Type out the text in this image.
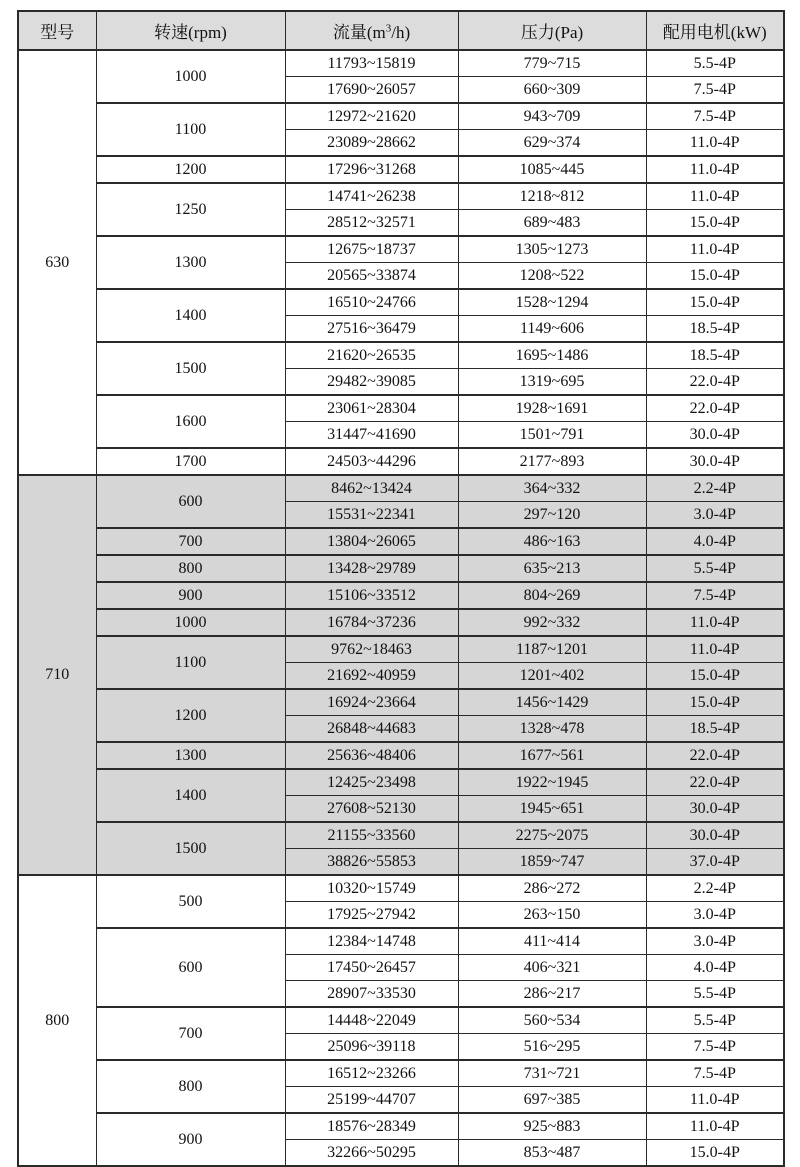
型号	转速(rpm)	流量$(m^3/h)$	压力(Pa)	配用电机(kW)
630	1000	11793~15819	779~715	5.5-4P
		17690~26057	660~309	7.5-4P
	1100	12972~21620	943~709	7.5-4P
		23089~28662	629~374	11.0-4P
	1200	17296~31268	1085~445	11.0-4P
	1250	14741~26238	1218~812	11.0-4P
		28512~32571	689~483	15.0-4P
	1300	12675~18737	1305~1273	11.0-4P
		20565~33874	1208~522	15.0-4P
	1400	16510~24766	1528~1294	15.0-4P
		27516~36479	1149~606	18.5-4P
	1500	21620~26535	1695~1486	18.5-4P
		29482~39085	1319~695	22.0-4P
	1600	23061~28304	1928~1691	22.0-4P
		31447~41690	1501~791	30.0-4P
	1700	24503~44296	2177~893	30.0-4P
710	600	8462~13424	364~332	2.2-4P
		15531~22341	297~120	3.0-4P
	700	13804~26065	486~163	4.0-4P
	800	13428~29789	635~213	5.5-4P
	900	15106~33512	804~269	7.5-4P
	1000	16784~37236	992~332	11.0-4P
	1100	9762~18463	1187~1201	11.0-4P
		21692~40959	1201~402	15.0-4P
	1200	16924~23664	1456~1429	15.0-4P
		26848~44683	1328~478	18.5-4P
	1300	25636~48406	1677~561	22.0-4P
	1400	12425~23498	1922~1945	22.0-4P
		27608~52130	1945~651	30.0-4P
	1500	21155~33560	2275~2075	30.0-4P
		38826~55853	1859~747	37.0-4P
800	500	10320~15749	286~272	2.2-4P
		17925~27942	263~150	3.0-4P
	600	12384~14748	411~414	3.0-4P
		17450~26457	406~321	4.0-4P
		28907~33530	286~217	5.5-4P
	700	14448~22049	560~534	5.5-4P
		25096~39118	516~295	7.5-4P
	800	16512~23266	731~721	7.5-4P
		25199~44707	697~385	11.0-4P
	900	18576~28349	925~883	11.0-4P
		32266~50295	853~487	15.0-4P
